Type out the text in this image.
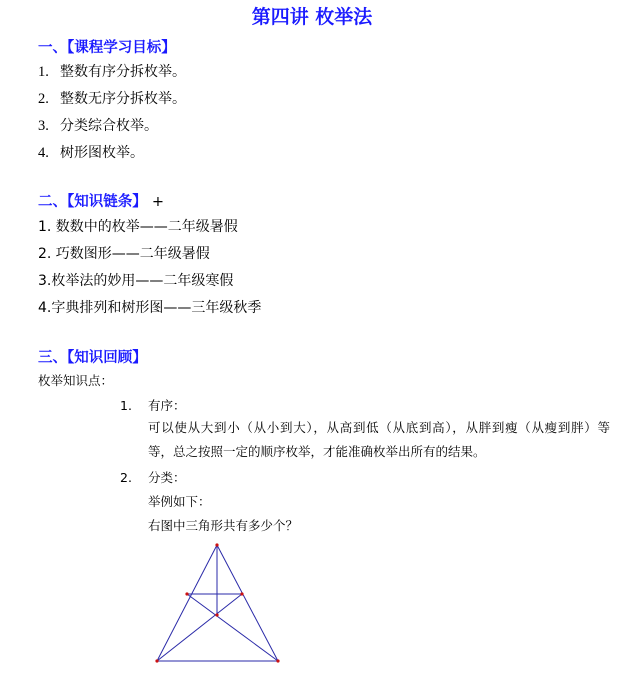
第四讲 枚举法
一、【课程学习目标】
1. 整数有序分拆枚举。
2. 整数无序分拆枚举。
3. 分类综合枚举。
4. 树形图枚举。
二、【知识链条】 +
1. 数数中的枚举——二年级暑假
2. 巧数图形——二年级暑假
3.枚举法的妙用——二年级寒假
4.字典排列和树形图——三年级秋季
三、【知识回顾】
枚举知识点：
1. 有序：
可以使从大到小（从小到大），从高到低（从底到高），从胖到瘦（从瘦到胖）等等，总之按照一定的顺序枚举，才能准确枚举出所有的结果。
2. 分类：
举例如下：
右图中三角形共有多少个？
